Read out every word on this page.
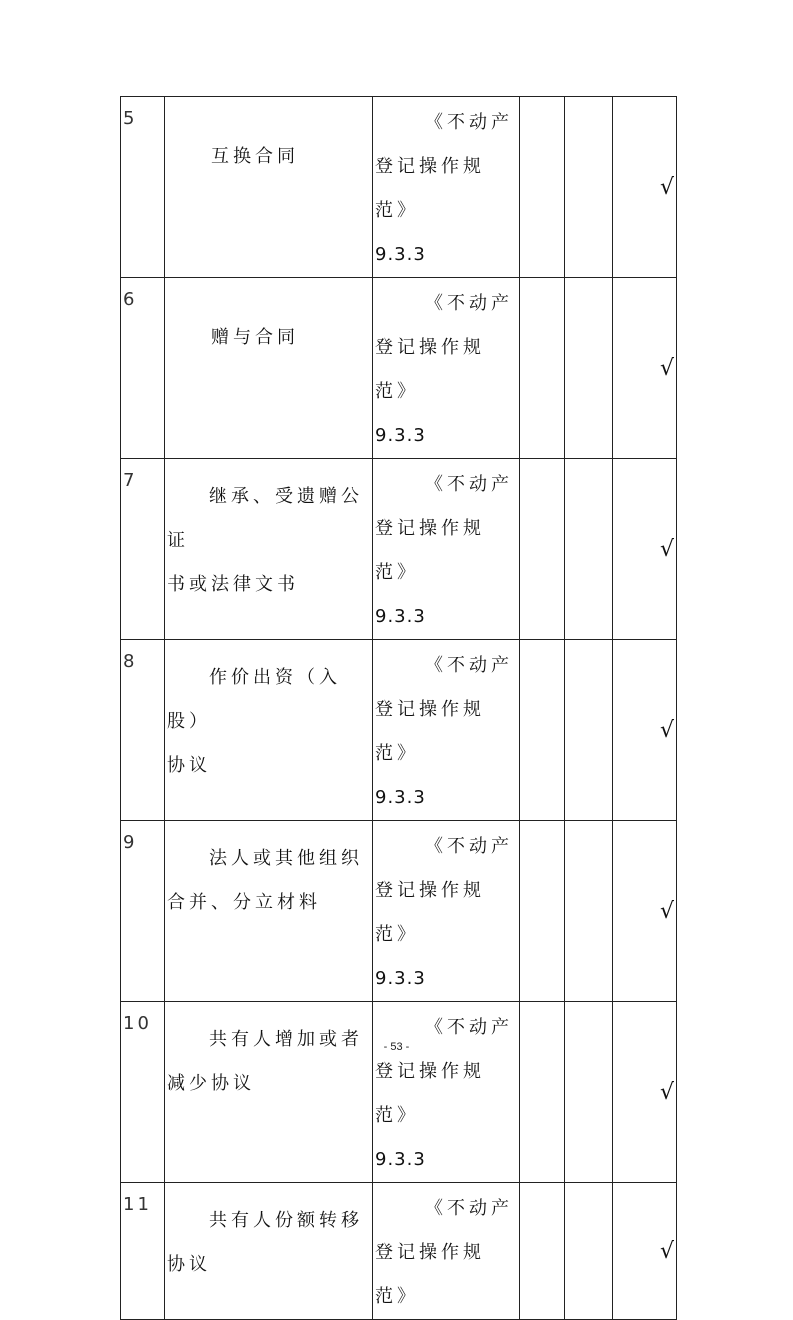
5	互换合同	《不动产
登记操作规范》
9.3.3			√

6	赠与合同	《不动产
登记操作规范》
9.3.3			√

7	继承、受遗赠公证
书或法律文书	《不动产
登记操作规范》
9.3.3			√

8	作价出资（入股）
协议	《不动产
登记操作规范》
9.3.3			√

9	法人或其他组织
合并、分立材料	《不动产
登记操作规范》
9.3.3			√

10	共有人增加或者
减少协议	《不动产
登记操作规范》
9.3.3			√

11	共有人份额转移
协议	《不动产
登记操作规范》			√
- 53 -
